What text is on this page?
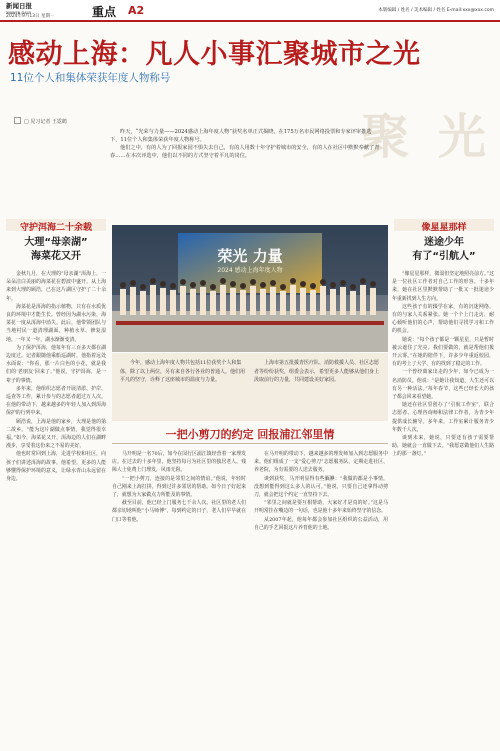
新闻日报
XINWEN DAILY
2024年9月13日 星期一	重点 A2	本版编辑 / 姓名 / 美术编辑 / 姓名 E-mail:xxx@xxx.com
感动上海：凡人小事汇聚城市之光
11位个人和集体荣获年度人物称号
聚 光
□ 见习记者 王霓鹤

昨天，“光荣与力量——2024感动上海年度人物”获奖名单正式揭晓，在175万名市民网络投票和专家评审推选下，11位个人和集体荣获年度人物称号。

他们之中，有的人为了回报家园不惧失去自己，有的人用数十年守护着城市的安全，有的人在社区中默默奉献了青春……在本次评选中，他们以不同的方式坚守着平凡的岗位。

守护洱海二十余载
大理“母亲湖”
海菜花又开

金秋九月，在大理的“母亲湖”洱海上，一朵朵洁白美丽的海菜花在碧波中盛开。从上海来到大理的顾浩，已在这片湖区守护了二十余年。

海菜花是洱海的指示植物，只有在水质优良的环境中才能生长。曾经因为湖水污染，海菜花一度从洱海中消失。此后，他带领团队与当地村民一道清理湖面，种植水草、修复湿地。一年又一年，湖水渐渐变清。

为了保护洱海，他每年有三百多天都在湖边度过。记者跟随他乘船巡湖时，他指着远处水面说：“你看，那一片白色的小花，就是我们的‘老朋友’回来了。”他说，守护洱海，是一辈子的事情。

多年来，他组织志愿者开展清淤、护岸、巡查等工作，累计参与的志愿者超过万人次。在他的带动下，越来越多的年轻人加入到洱海保护的行列中来。

顾浩说，上海是他的家乡，大理是他的第二故乡。“能为这片湖做点事情，我觉得很幸福。”如今，海菜花又开，洱海边的人们在湖畔漫步，享受着这份来之不易的美好。

他也时常回到上海，走进学校和社区，向孩子们讲述洱海的故事。他希望，更多的人能够懂得保护环境的意义，让绿水青山永远留在身边。

像星星那样
迷途少年
有了“引航人”

“像星星那样，微弱但坚定地照亮前方。”这是一位社区工作者对自己工作的形容。十多年来，她在社区里默默帮助了一批又一批迷途少年重新找到人生方向。

这些孩子有的辍学在家，有的沉迷网络，有的与家人关系紧张。她一个个上门走访，耐心倾听他们的心声，帮助他们寻找学习和工作的机会。

她说：“每个孩子都是一颗星星，只是暂时被云遮住了光亮。我们要做的，就是帮他们拨开云雾。”在她的陪伴下，许多少年重返校园，有的考上了大学，有的找到了稳定的工作。

一个曾经离家出走的少年，如今已成为一名消防员。他说：“是她让我知道，人生还可以有另一种活法。”每年春节，这些已经长大的孩子都会回来看望她。

她还在社区里创办了“引航工作室”，联合志愿者、心理咨询师和法律工作者，为青少年提供成长辅导。多年来，工作室累计服务青少年数千人次。

谈到未来，她说，只要还有孩子需要帮助，她就会一直做下去。“我愿意做他们人生路上的那一盏灯。”

荣光 力量
2024 感动上海年度人物
今年，感动上海年度人物共包括11位获奖个人和集体，除了以上两位，另有来自各行各业的普通人。他们用平凡的坚守，诠释了这座城市的温度与力量。
上海市第五批援青医疗队、消防救援人员、社区志愿者等纷纷获奖，组委会表示，希望更多人能够从他们身上汲取前行的力量，共同建设美好家园。
一把小剪刀的约定 回报浦江邻里情

马开明是一名70后，如今在闵行区浦江镇经营着一家理发店。在过去的十多年里，他坚持每月为社区里的独居老人、残障人士免费上门理发，风雨无阻。

“一把小剪刀，连接的是邻里之间的情谊。”他说，年轻时自己刚来上海打拼，得到过许多邻居的帮助。如今日子好起来了，就想为大家做点力所能及的事情。

截至目前，他已经上门服务七千余人次。社区里的老人们都亲切地叫他“小马师傅”，每到约定的日子，老人们早早就在门口等着他。

在马开明的带动下，越来越多的理发师加入到志愿服务中来。他们组成了一支“爱心剪刀”志愿服务队，定期走进社区、养老院，为有需要的人送去服务。

谈到获奖，马开明显得有些腼腆：“我做的都是小事情，没想到能得到这么多人的认可。”他说，只要自己还拿得动剪刀，就会把这个约定一直坚持下去。

“邻里之间就是要互相帮助，大家好才是真的好。”这是马开明常挂在嘴边的一句话，也是他十多年来始终坚守的信念。

从2007年起，他每年都会参加社区组织的公益活动，用自己的手艺回报这片养育他的土地。
